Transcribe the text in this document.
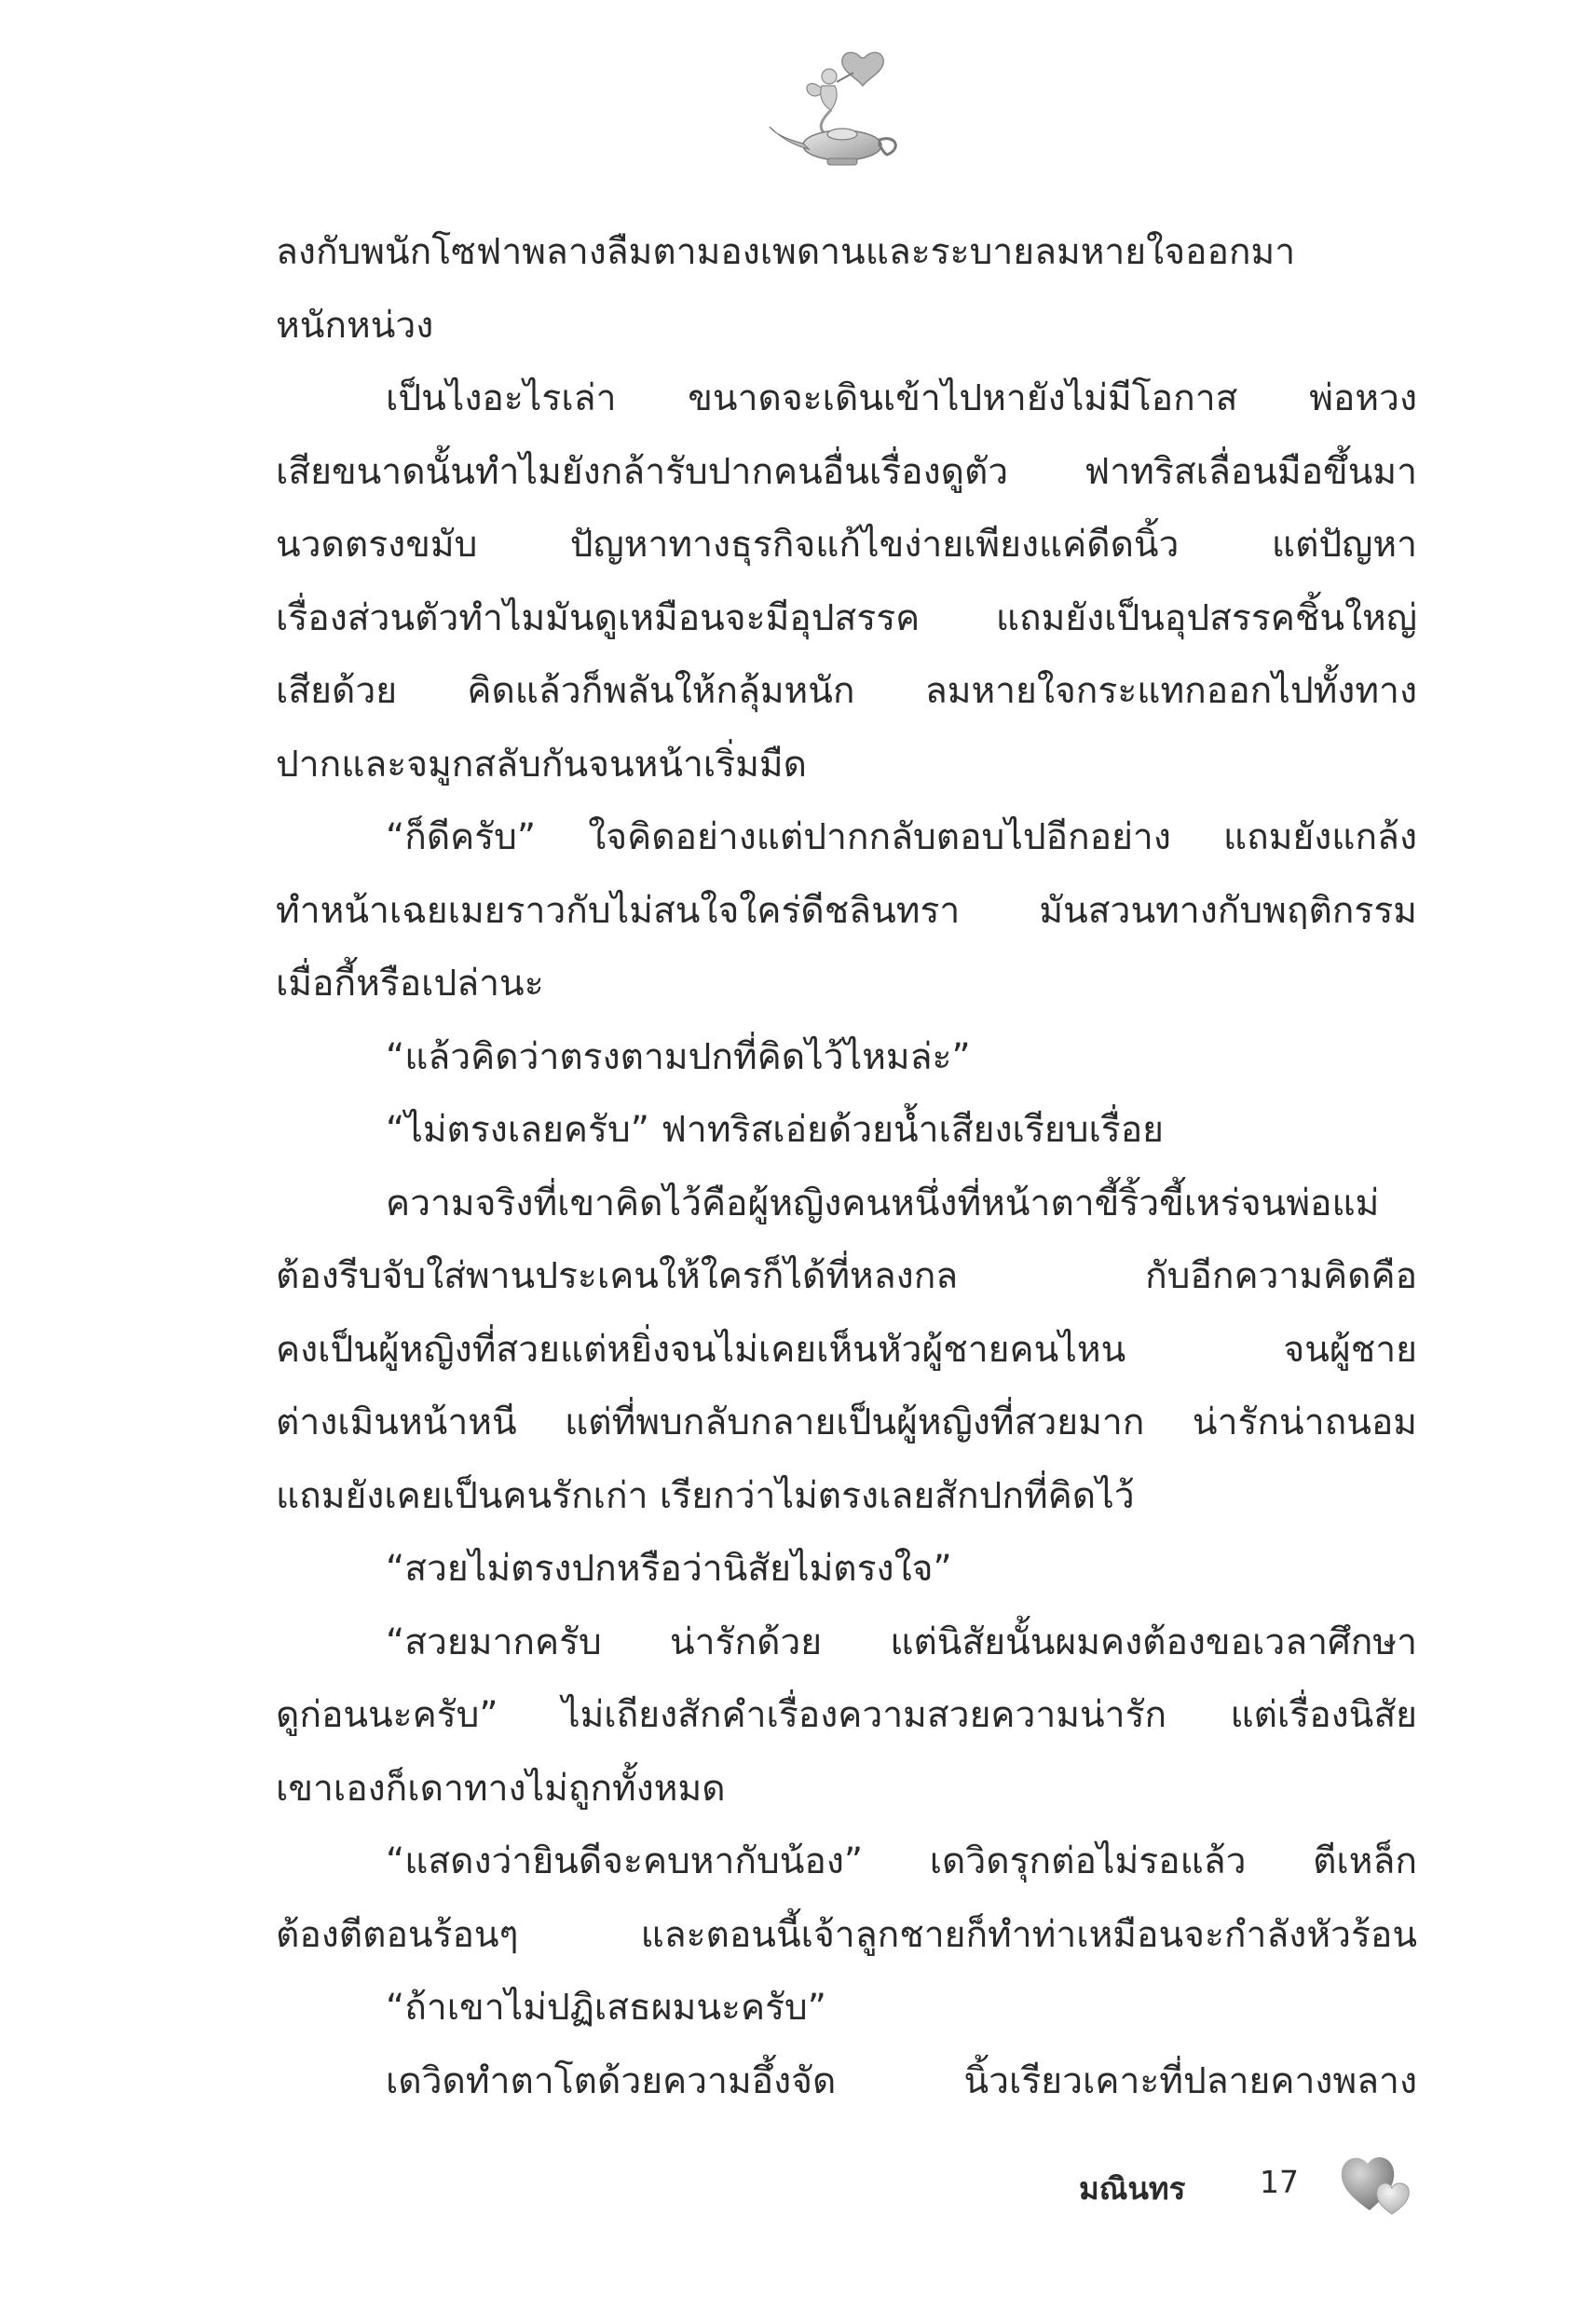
ลงกับพนักโซฟาพลางลืมตามองเพดานและระบายลมหายใจออกมา
หนักหน่วง
เป็นไงอะไรเล่า ขนาดจะเดินเข้าไปหายังไม่มีโอกาส พ่อหวง
เสียขนาดนั้นทำไมยังกล้ารับปากคนอื่นเรื่องดูตัว ฟาทริสเลื่อนมือขึ้นมา
นวดตรงขมับ ปัญหาทางธุรกิจแก้ไขง่ายเพียงแค่ดีดนิ้ว แต่ปัญหา
เรื่องส่วนตัวทำไมมันดูเหมือนจะมีอุปสรรค แถมยังเป็นอุปสรรคชิ้นใหญ่
เสียด้วย คิดแล้วก็พลันให้กลุ้มหนัก ลมหายใจกระแทกออกไปทั้งทาง
ปากและจมูกสลับกันจนหน้าเริ่มมืด
“ก็ดีครับ” ใจคิดอย่างแต่ปากกลับตอบไปอีกอย่าง แถมยังแกล้ง
ทำหน้าเฉยเมยราวกับไม่สนใจใคร่ดีชลินทรา มันสวนทางกับพฤติกรรม
เมื่อกี้หรือเปล่านะ
“แล้วคิดว่าตรงตามปกที่คิดไว้ไหมล่ะ”
“ไม่ตรงเลยครับ” ฟาทริสเอ่ยด้วยน้ำเสียงเรียบเรื่อย
ความจริงที่เขาคิดไว้คือผู้หญิงคนหนึ่งที่หน้าตาขี้ริ้วขี้เหร่จนพ่อแม่
ต้องรีบจับใส่พานประเคนให้ใครก็ได้ที่หลงกล กับอีกความคิดคือ
คงเป็นผู้หญิงที่สวยแต่หยิ่งจนไม่เคยเห็นหัวผู้ชายคนไหน จนผู้ชาย
ต่างเมินหน้าหนี แต่ที่พบกลับกลายเป็นผู้หญิงที่สวยมาก น่ารักน่าถนอม
แถมยังเคยเป็นคนรักเก่า เรียกว่าไม่ตรงเลยสักปกที่คิดไว้
“สวยไม่ตรงปกหรือว่านิสัยไม่ตรงใจ”
“สวยมากครับ น่ารักด้วย แต่นิสัยนั้นผมคงต้องขอเวลาศึกษา
ดูก่อนนะครับ” ไม่เถียงสักคำเรื่องความสวยความน่ารัก แต่เรื่องนิสัย
เขาเองก็เดาทางไม่ถูกทั้งหมด
“แสดงว่ายินดีจะคบหากับน้อง” เดวิดรุกต่อไม่รอแล้ว ตีเหล็ก
ต้องตีตอนร้อนๆ และตอนนี้เจ้าลูกชายก็ทำท่าเหมือนจะกำลังหัวร้อน
“ถ้าเขาไม่ปฏิเสธผมนะครับ”
เดวิดทำตาโตด้วยความอึ้งจัด นิ้วเรียวเคาะที่ปลายคางพลาง
มณินทร 17
